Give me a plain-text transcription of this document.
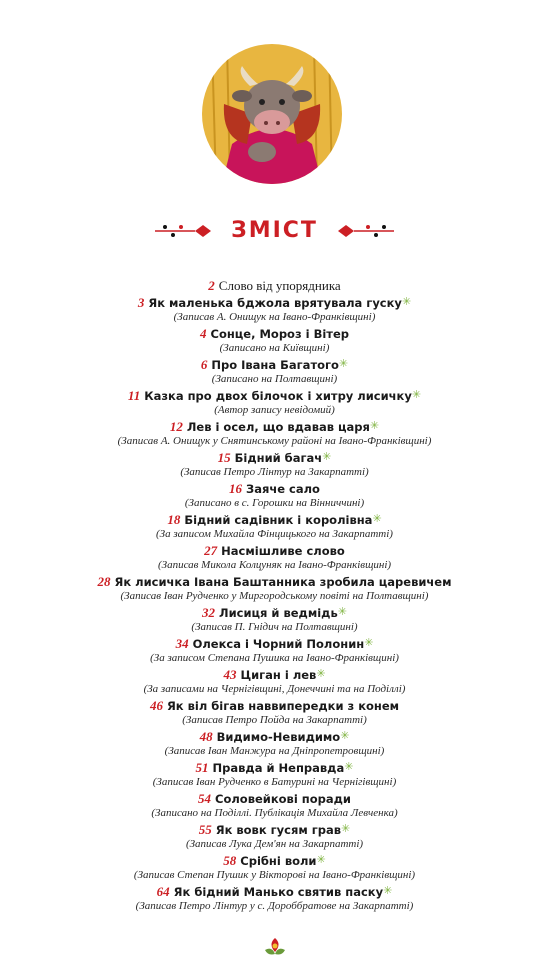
ЗМІСТ
2 Слово від упорядника
3 Як маленька бджола врятувала гуску✳
(Записав А. Онищук на Івано-Франківщині)
4 Сонце, Мороз і Вітер
(Записано на Київщині)
6 Про Івана Багатого✳
(Записано на Полтавщині)
11 Казка про двох білочок і хитру лисичку✳
(Автор запису невідомий)
12 Лев і осел, що вдавав царя✳
(Записав А. Онищук у Снятинському районі на Івано-Франківщині)
15 Бідний багач✳
(Записав Петро Лінтур на Закарпатті)
16 Заяче сало
(Записано в с. Горошки на Вінниччині)
18 Бідний садівник і королівна✳
(За записом Михайла Фінцицького на Закарпатті)
27 Насмішливе слово
(Записав Микола Колцуняк на Івано-Франківщині)
28 Як лисичка Івана Баштанника зробила царевичем
(Записав Іван Рудченко у Миргородському повіті на Полтавщині)
32 Лисиця й ведмідь✳
(Записав П. Гнідич на Полтавщині)
34 Олекса і Чорний Полонин✳
(За записом Степана Пушика на Івано-Франківщині)
43 Циган і лев✳
(За записами на Чернігівщині, Донеччині та на Поділлі)
46 Як віл бігав наввипередки з конем
(Записав Петро Пойда на Закарпатті)
48 Видимо-Невидимо✳
(Записав Іван Манжура на Дніпропетровщині)
51 Правда й Неправда✳
(Записав Іван Рудченко в Батурині на Чернігівщині)
54 Соловейкові поради
(Записано на Поділлі. Публікація Михайла Левченка)
55 Як вовк гусям грав✳
(Записав Лука Дем'ян на Закарпатті)
58 Срібні воли✳
(Записав Степан Пушик у Вікторові на Івано-Франківщині)
64 Як бідний Манько святив паску✳
(Записав Петро Лінтур у с. Дороббратове на Закарпатті)
